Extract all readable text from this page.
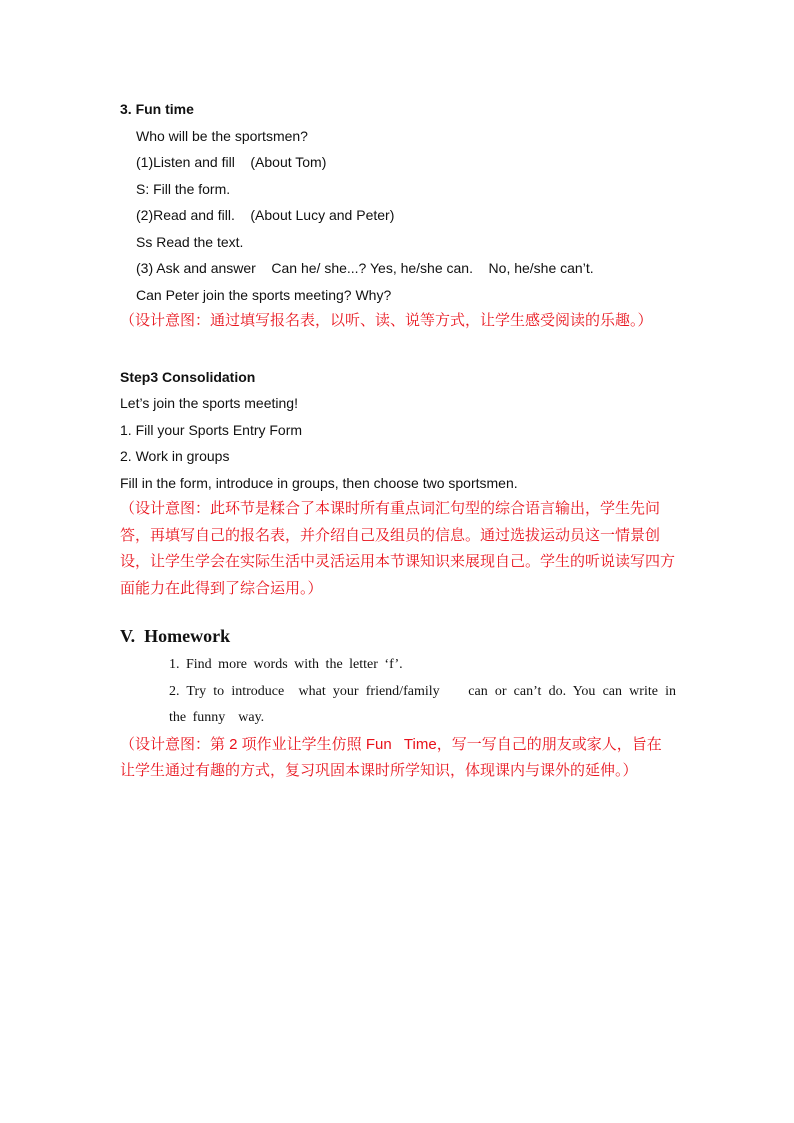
3. Fun time
Who will be the sportsmen?
(1)Listen and fill    (About Tom)
S: Fill the form.
(2)Read and fill.    (About Lucy and Peter)
Ss Read the text.
(3) Ask and answer    Can he/ she...? Yes, he/she can.    No, he/she can’t.
Can Peter join the sports meeting? Why?
（设计意图：通过填写报名表，以听、读、说等方式，让学生感受阅读的乐趣。）
Step3 Consolidation
Let’s join the sports meeting!
1. Fill your Sports Entry Form
2. Work in groups
Fill in the form, introduce in groups, then choose two sportsmen.
（设计意图：此环节是糅合了本课时所有重点词汇句型的综合语言输出，学生先问答，再填写自己的报名表，并介绍自己及组员的信息。通过选拔运动员这一情景创设，让学生学会在实际生活中灵活运用本节课知识来展现自己。学生的听说读写四方面能力在此得到了综合运用。）
V.  Homework
1. Find more words with the letter ‘f’.
2. Try to introduce  what your friend/family    can or can’t do. You can write in the funny  way.
（设计意图：第 2 项作业让学生仿照 Fun   Time，写一写自己的朋友或家人，旨在让学生通过有趣的方式，复习巩固本课时所学知识，体现课内与课外的延伸。）
